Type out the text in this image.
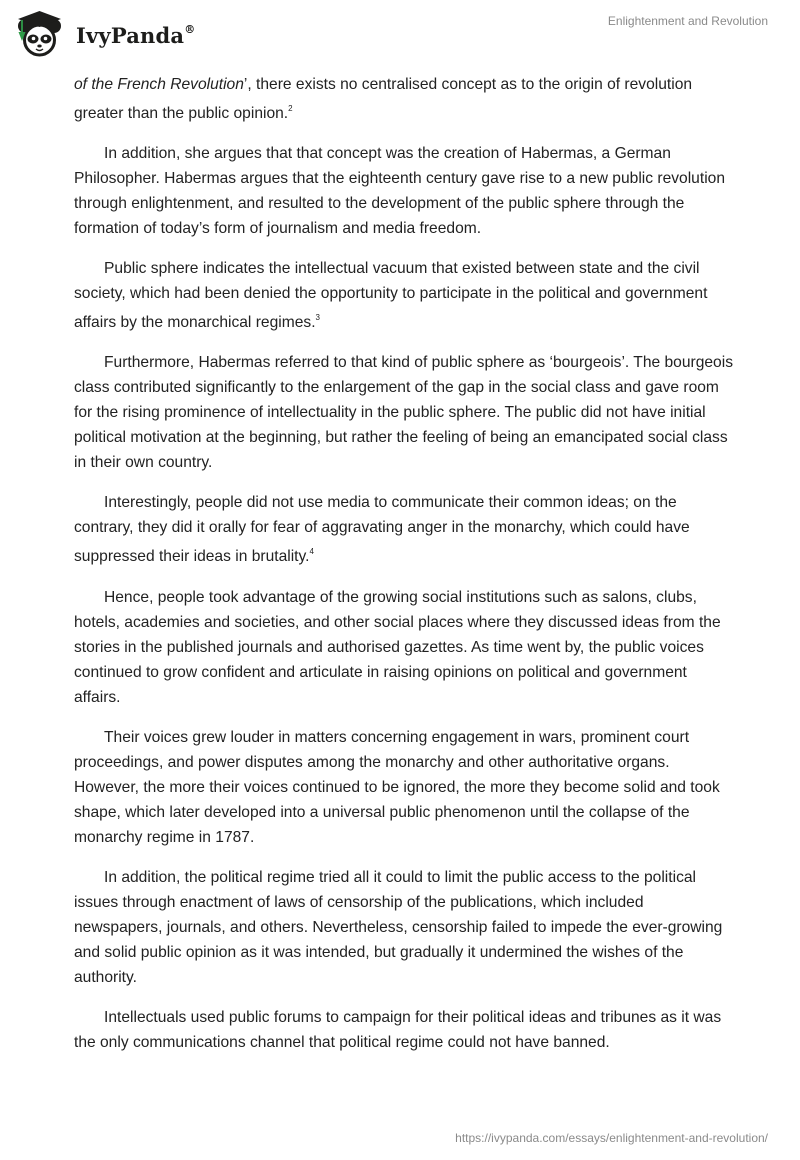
IvyPanda®
Enlightenment and Revolution

of the French Revolution’, there exists no centralised concept as to the origin of revolution greater than the public opinion.$^2$

In addition, she argues that that concept was the creation of Habermas, a German Philosopher. Habermas argues that the eighteenth century gave rise to a new public revolution through enlightenment, and resulted to the development of the public sphere through the formation of today’s form of journalism and media freedom.

Public sphere indicates the intellectual vacuum that existed between state and the civil society, which had been denied the opportunity to participate in the political and government affairs by the monarchical regimes.$^3$

Furthermore, Habermas referred to that kind of public sphere as ‘bourgeois’. The bourgeois class contributed significantly to the enlargement of the gap in the social class and gave room for the rising prominence of intellectuality in the public sphere. The public did not have initial political motivation at the beginning, but rather the feeling of being an emancipated social class in their own country.

Interestingly, people did not use media to communicate their common ideas; on the contrary, they did it orally for fear of aggravating anger in the monarchy, which could have suppressed their ideas in brutality.$^4$

Hence, people took advantage of the growing social institutions such as salons, clubs, hotels, academies and societies, and other social places where they discussed ideas from the stories in the published journals and authorised gazettes. As time went by, the public voices continued to grow confident and articulate in raising opinions on political and government affairs.

Their voices grew louder in matters concerning engagement in wars, prominent court proceedings, and power disputes among the monarchy and other authoritative organs. However, the more their voices continued to be ignored, the more they become solid and took shape, which later developed into a universal public phenomenon until the collapse of the monarchy regime in 1787.

In addition, the political regime tried all it could to limit the public access to the political issues through enactment of laws of censorship of the publications, which included newspapers, journals, and others. Nevertheless, censorship failed to impede the ever-growing and solid public opinion as it was intended, but gradually it undermined the wishes of the authority.

Intellectuals used public forums to campaign for their political ideas and tribunes as it was the only communications channel that political regime could not have banned.

https://ivypanda.com/essays/enlightenment-and-revolution/
